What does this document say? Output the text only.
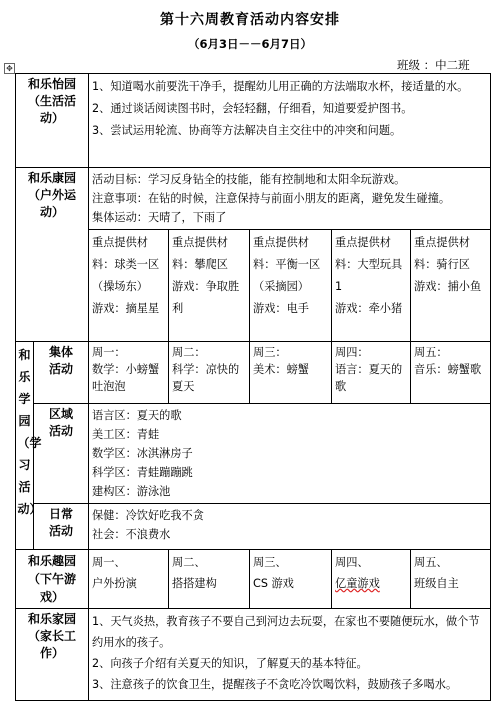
第十六周教育活动内容安排
（6月3日－－6月7日）
班级 ：中二班
✥
和乐怡园
（生活活
动）		1、知道喝水前要洗干净手，提醒幼儿用正确的方法端取水杯，接适量的水。
2、通过谈话阅读图书时，会轻轻翻，仔细看，知道要爱护图书。
3、尝试运用轮流、协商等方法解决自主交往中的冲突和问题。				

和乐康园
（户外运
动）		活动目标：学习反身钻全的技能，能有控制地和太阳伞玩游戏。
注意事项：在钻的时候，注意保持与前面小朋友的距离，避免发生碰撞。
集体运动：天晴了，下雨了				

		重点提供材
料：球类一区
（操场东）
游戏：摘星星	重点提供材
料：攀爬区
游戏：争取胜
利	重点提供材
料：平衡一区
（采摘园）
游戏：电手	重点提供材
料：大型玩具
1
游戏：牵小猪	重点提供材
料：骑行区
游戏：捕小鱼

和乐学园（学习活动）	集体
活动	周一：
数学：小螃蟹吐泡泡	周二：
科学：凉快的夏天	周三：
美术：螃蟹	周四：
语言：夏天的歌	周五：
音乐：螃蟹歌

	区域
活动	语言区：夏天的歌
美工区：青蛙
数学区：冰淇淋房子
科学区：青蛙蹦蹦跳
建构区：游泳池				

	日常
活动	保健：冷饮好吃我不贪
社会：不浪费水				

和乐趣园
（下午游
戏）		周一、
户外扮演	周二、
搭搭建构	周三、
CS 游戏	周四、
亿童游戏	周五、
班级自主

和乐家园
（家长工
作）		1、天气炎热，教育孩子不要自己到河边去玩耍，在家也不要随便玩水，做个节约用水的孩子。
2、向孩子介绍有关夏天的知识，了解夏天的基本特征。
3、注意孩子的饮食卫生，提醒孩子不贪吃冷饮喝饮料，鼓励孩子多喝水。				
